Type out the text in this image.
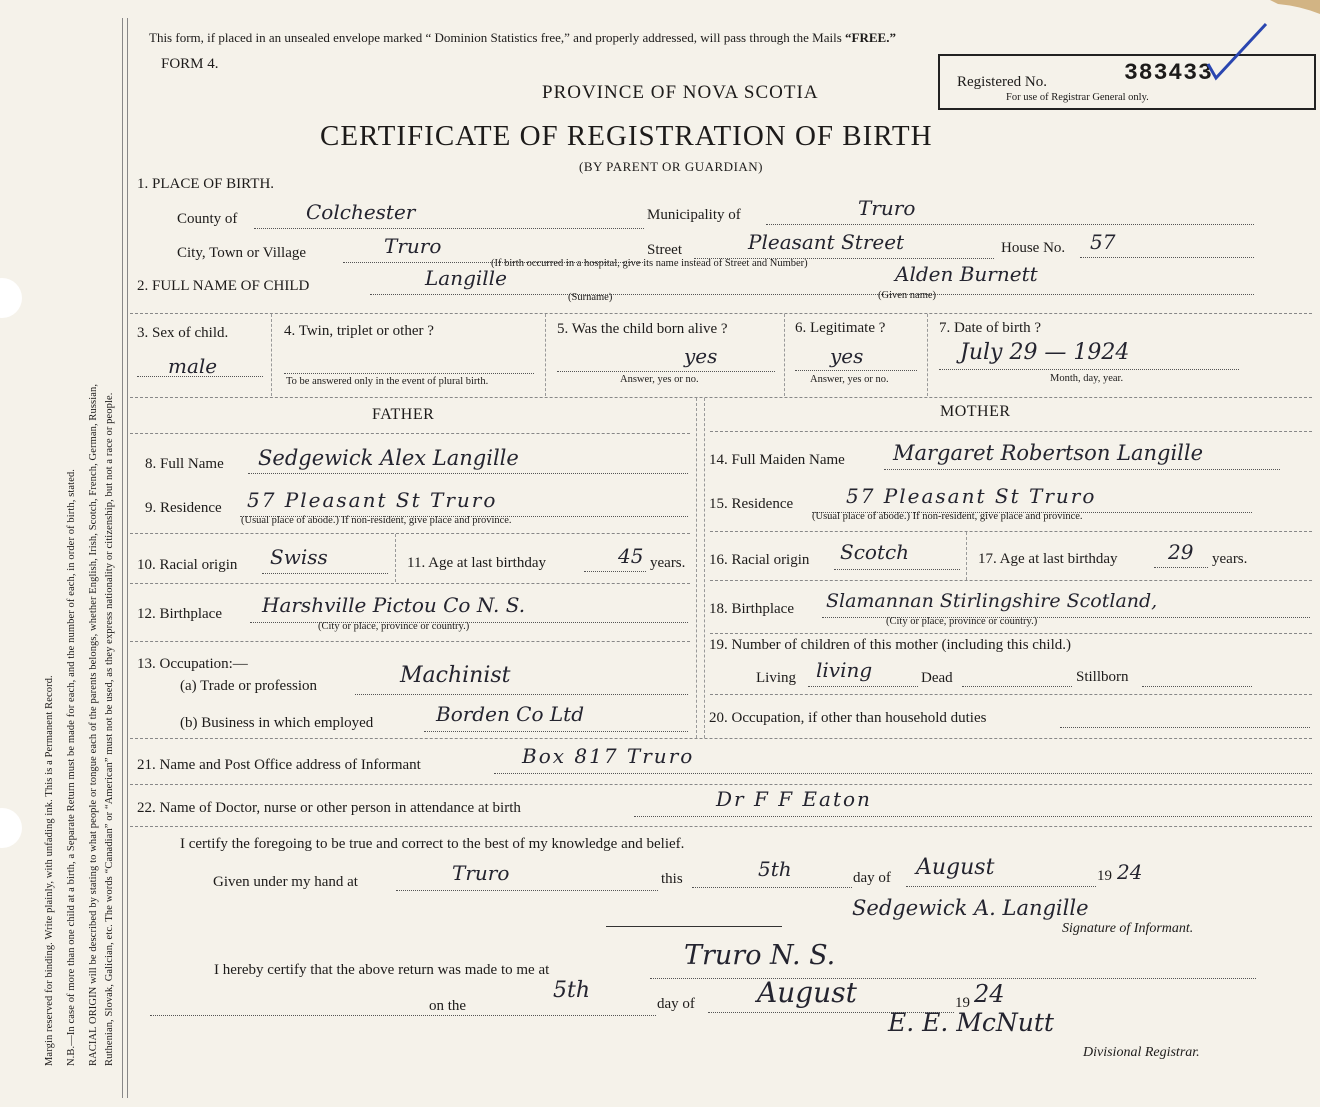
Margin reserved for binding. Write plainly, with unfading ink. This is a Permanent Record. N.B.—In case of more than one child at a birth, a Separate Return must be made for each, and the number of each, in order of birth, stated. RACIAL ORIGIN will be described by stating to what people or tongue each of the parents belongs, whether English, Irish, Scotch, French, German, Russian, Ruthenian, Slovak, Galician, etc. The words “Canadian” or “American” must not be used, as they express nationality or citizenship, but not a race or people.
This form, if placed in an unsealed envelope marked “ Dominion Statistics free,” and properly addressed, will pass through the Mails “FREE.”
FORM 4.
Registered No.	383433
For use of Registrar General only.
PROVINCE OF NOVA SCOTIA
CERTIFICATE OF REGISTRATION OF BIRTH
(BY PARENT OR GUARDIAN)
1. PLACE OF BIRTH.
County of	Colchester	Municipality of	Truro
City, Town or Village	Truro	Street	Pleasant Street	House No. 57
(If birth occurred in a hospital, give its name instead of Street and Number)
2. FULL NAME OF CHILD	Langille
(Surname)
Alden Burnett
(Given name)
3. Sex of child.
male
4. Twin, triplet or other ?
To be answered only in the event of plural birth.
5. Was the child born alive ?
yes
Answer, yes or no.
6. Legitimate ?
yes
Answer, yes or no.
7. Date of birth ?
July 29 — 1924
Month, day, year.
FATHER
8. Full Name Sedgewick Alex Langille
9. Residence 57 Pleasant St Truro
(Usual place of abode.) If non-resident, give place and province.
10. Racial origin Swiss	11. Age at last birthday	45 years.
12. Birthplace Harshville Pictou Co N. S.
(City or place, province or country.)
13. Occupation:—
(a) Trade or profession	Machinist
(b) Business in which employed	Borden Co Ltd
MOTHER
14. Full Maiden Name Margaret Robertson Langille
15. Residence	57 Pleasant St Truro
(Usual place of abode.) If non-resident, give place and province.
16. Racial origin Scotch	17. Age at last birthday	29 years.
18. Birthplace Slamannan Stirlingshire Scotland,
(City or place, province or country.)
19. Number of children of this mother (including this child.)
Living living	Dead	Stillborn
20. Occupation, if other than household duties
21. Name and Post Office address of Informant	Box 817 Truro
22. Name of Doctor, nurse or other person in attendance at birth	Dr F F Eaton
I certify the foregoing to be true and correct to the best of my knowledge and belief.
Given under my hand at	Truro	this	5th	day of August	19 24
Sedgewick A. Langille
Signature of Informant.
I hereby certify that the above return was made to me at	Truro N. S.
on the
5th
day of August	19 24
E. E. McNutt
Divisional Registrar.
